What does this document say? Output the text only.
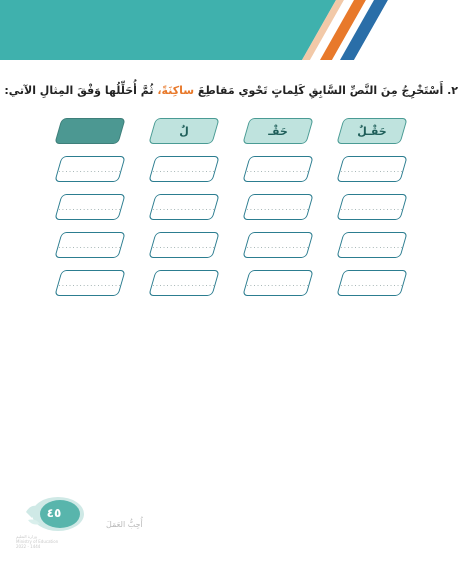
٢. أَسْتَخْرِجُ مِنَ النَّصِّ السَّابِقِ كَلِماتٍ تَحْوي مَقاطِعَ ساكِنَةً، ثُمَّ أُحَلِّلُها وَفْقَ المِثالِ الآتي:
حَقْـلٌ
حَقْـ
لٌ
..................
..................
..................
..................
..................
..................
..................
..................
..................
..................
..................
..................
..................
..................
..................
..................
٤٥
وزارة التعليم
Ministry of Education
2022 - 1444
أُحِبُّ العَمَلَ
